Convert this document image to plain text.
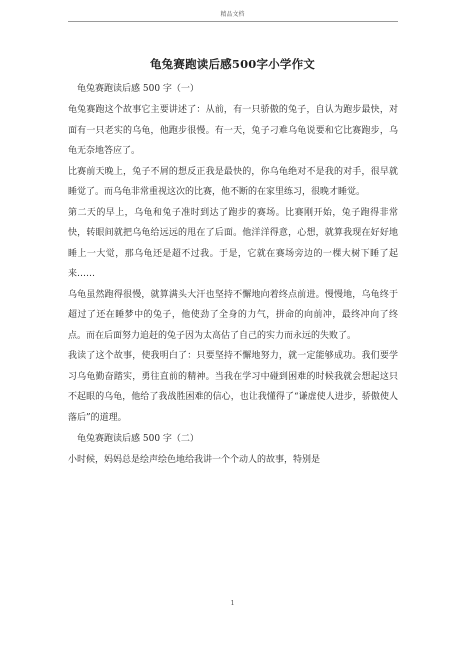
精品文档
龟兔赛跑读后感500字小学作文
龟兔赛跑读后感 500 字（一）

龟兔赛跑这个故事它主要讲述了：从前，有一只骄傲的兔子，自认为跑步最快，对面有一只老实的乌龟，他跑步很慢。有一天，兔子刁难乌龟说要和它比赛跑步，乌龟无奈地答应了。

比赛前天晚上，兔子不屑的想反正我是最快的，你乌龟绝对不是我的对手，很早就睡觉了。而乌龟非常重视这次的比赛，他不断的在家里练习，很晚才睡觉。

第二天的早上，乌龟和兔子准时到达了跑步的赛场。比赛刚开始，兔子跑得非常快，转眼间就把乌龟给远远的甩在了后面。他洋洋得意，心想，就算我现在好好地睡上一大觉，那乌龟还是超不过我。于是，它就在赛场旁边的一棵大树下睡了起来……

乌龟虽然跑得很慢，就算满头大汗也坚持不懈地向着终点前进。慢慢地，乌龟终于超过了还在睡梦中的兔子，他使劲了全身的力气，拼命的向前冲，最终冲向了终点。而在后面努力追赶的兔子因为太高估了自己的实力而永远的失败了。

我读了这个故事，使我明白了：只要坚持不懈地努力，就一定能够成功。我们要学习乌龟勤奋踏实，勇往直前的精神。当我在学习中碰到困难的时候我就会想起这只不起眼的乌龟，他给了我战胜困难的信心，也让我懂得了“谦虚使人进步，骄傲使人落后”的道理。

龟兔赛跑读后感 500 字（二）

小时候，妈妈总是绘声绘色地给我讲一个个动人的故事，特别是

1
